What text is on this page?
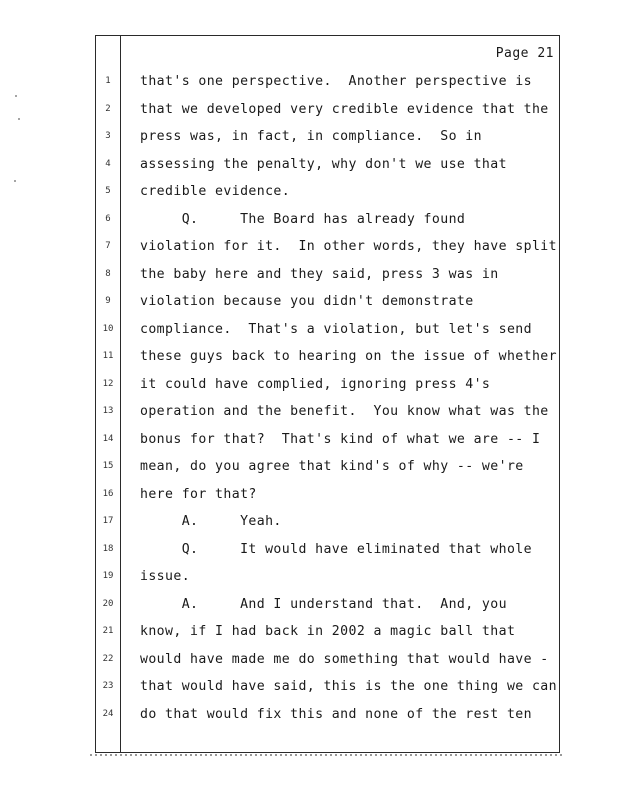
Page 21
1	that's one perspective.  Another perspective is
2	that we developed very credible evidence that the
3	press was, in fact, in compliance.  So in
4	assessing the penalty, why don't we use that
5	credible evidence.
6	Q.     The Board has already found
7	violation for it.  In other words, they have split
8	the baby here and they said, press 3 was in
9	violation because you didn't demonstrate
10	compliance.  That's a violation, but let's send
11	these guys back to hearing on the issue of whether
12	it could have complied, ignoring press 4's
13	operation and the benefit.  You know what was the
14	bonus for that?  That's kind of what we are -- I
15	mean, do you agree that kind's of why -- we're
16	here for that?
17	A.     Yeah.
18	Q.     It would have eliminated that whole
19	issue.
20	A.     And I understand that.  And, you
21	know, if I had back in 2002 a magic ball that
22	would have made me do something that would have -
23	that would have said, this is the one thing we can
24	do that would fix this and none of the rest ten
